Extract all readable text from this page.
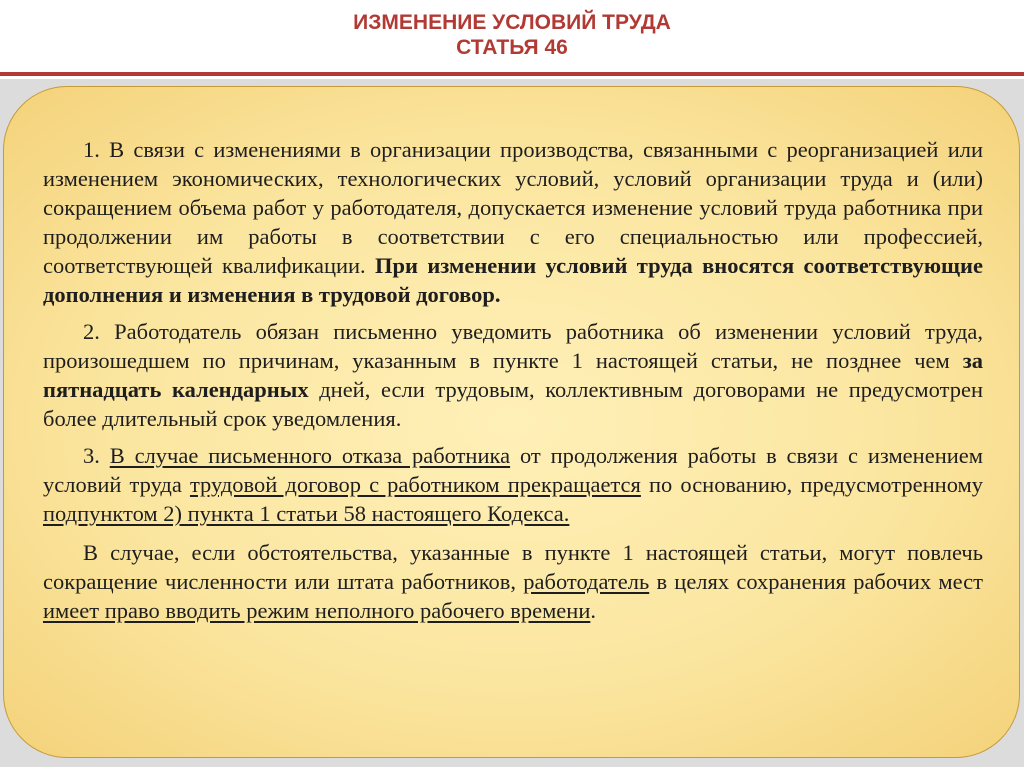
ИЗМЕНЕНИЕ УСЛОВИЙ ТРУДА
СТАТЬЯ 46

1. В связи с изменениями в организации производства, связанными с реорганизацией или изменением экономических, технологических условий, условий организации труда и (или) сокращением объема работ у работодателя, допускается изменение условий труда работника при продолжении им работы в соответствии с его специальностью или профессией, соответствующей квалификации. При изменении условий труда вносятся соответствующие дополнения и изменения в трудовой договор.

2. Работодатель обязан письменно уведомить работника об изменении условий труда, произошедшем по причинам, указанным в пункте 1 настоящей статьи, не позднее чем за пятнадцать календарных дней, если трудовым, коллективным договорами не предусмотрен более длительный срок уведомления.

3. В случае письменного отказа работника от продолжения работы в связи с изменением условий труда трудовой договор с работником прекращается по основанию, предусмотренному подпунктом 2) пункта 1 статьи 58 настоящего Кодекса.

В случае, если обстоятельства, указанные в пункте 1 настоящей статьи, могут повлечь сокращение численности или штата работников, работодатель в целях сохранения рабочих мест имеет право вводить режим неполного рабочего времени.
